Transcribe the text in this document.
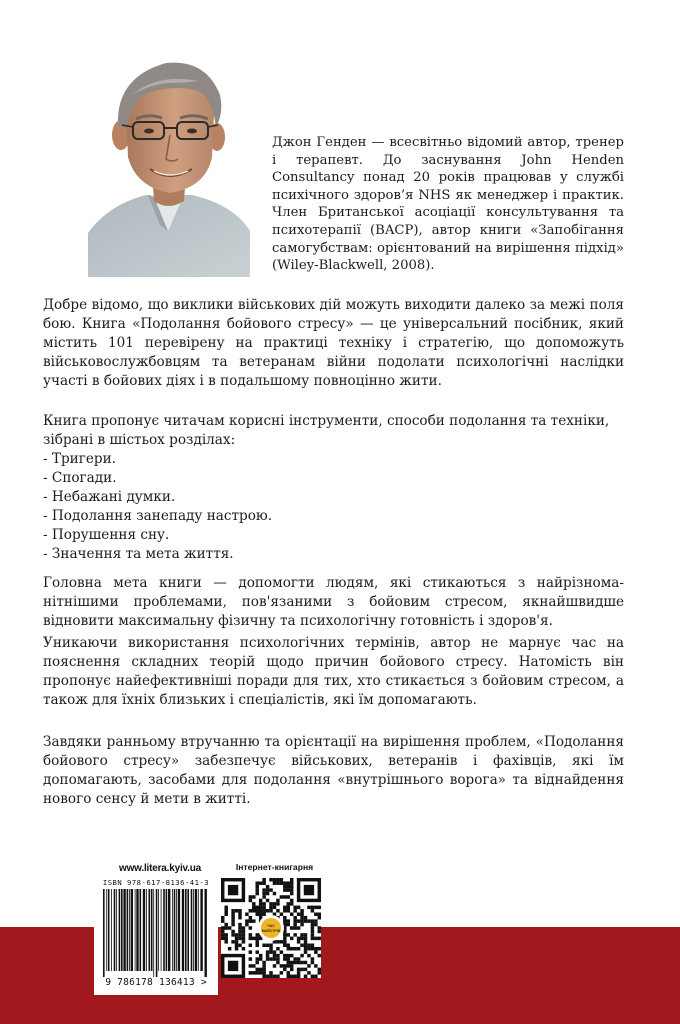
Джон Генден — всесвітньо відомий автор, тренер і терапевт. До заснування John Henden Consultancy понад 20 років працював у службі психічного здоров’я NHS як менеджер і практик. Член Британської асоціації консультування та психотерапії (BACP), автор книги «Запобігання самогубствам: орієнтований на вирішення підхід» (Wiley-Blackwell, 2008).

Добре відомо, що виклики військових дій можуть виходити далеко за межі поля бою. Книга «Подолання бойового стресу» — це універсальний посібник, який містить 101 перевірену на практиці техніку і стратегію, що допоможуть військовослужбовцям та ветеранам війни подолати психологічні наслідки участі в бойових діях і в подальшому повноцінно жити.

Книга пропонує читачам корисні інструменти, способи подолання та техніки, зібрані в шістьох розділах:

- Тригери.
- Спогади.
- Небажані думки.
- Подолання занепаду настрою.
- Порушення сну.
- Значення та мета життя.

Головна мета книги — допомогти людям, які стикаються з найрізноманітнішими проблемами, пов'язаними з бойовим стресом, якнайшвидше відновити максимальну фізичну та психологічну готовність і здоров'я.

Уникаючи використання психологічних термінів, автор не марнує час на пояснення складних теорій щодо причин бойового стресу. Натомість він пропонує найефективніші поради для тих, хто стикається з бойовим стресом, а також для їхніх близьких і спеціалістів, які їм допомагають.

Завдяки ранньому втручанню та орієнтації на вирішення проблем, «Подолання бойового стресу» забезпечує військових, ветеранів і фахівців, які їм допомагають, засобами для подолання «внутрішнього ворога» та віднайдення нового сенсу й мети в житті.

www.litera.kyiv.ua	Інтернет-книгарня
ISBN 978-617-8136-41-3
9 786178 136413 >
ЧАС
МАЙСТРІВ
